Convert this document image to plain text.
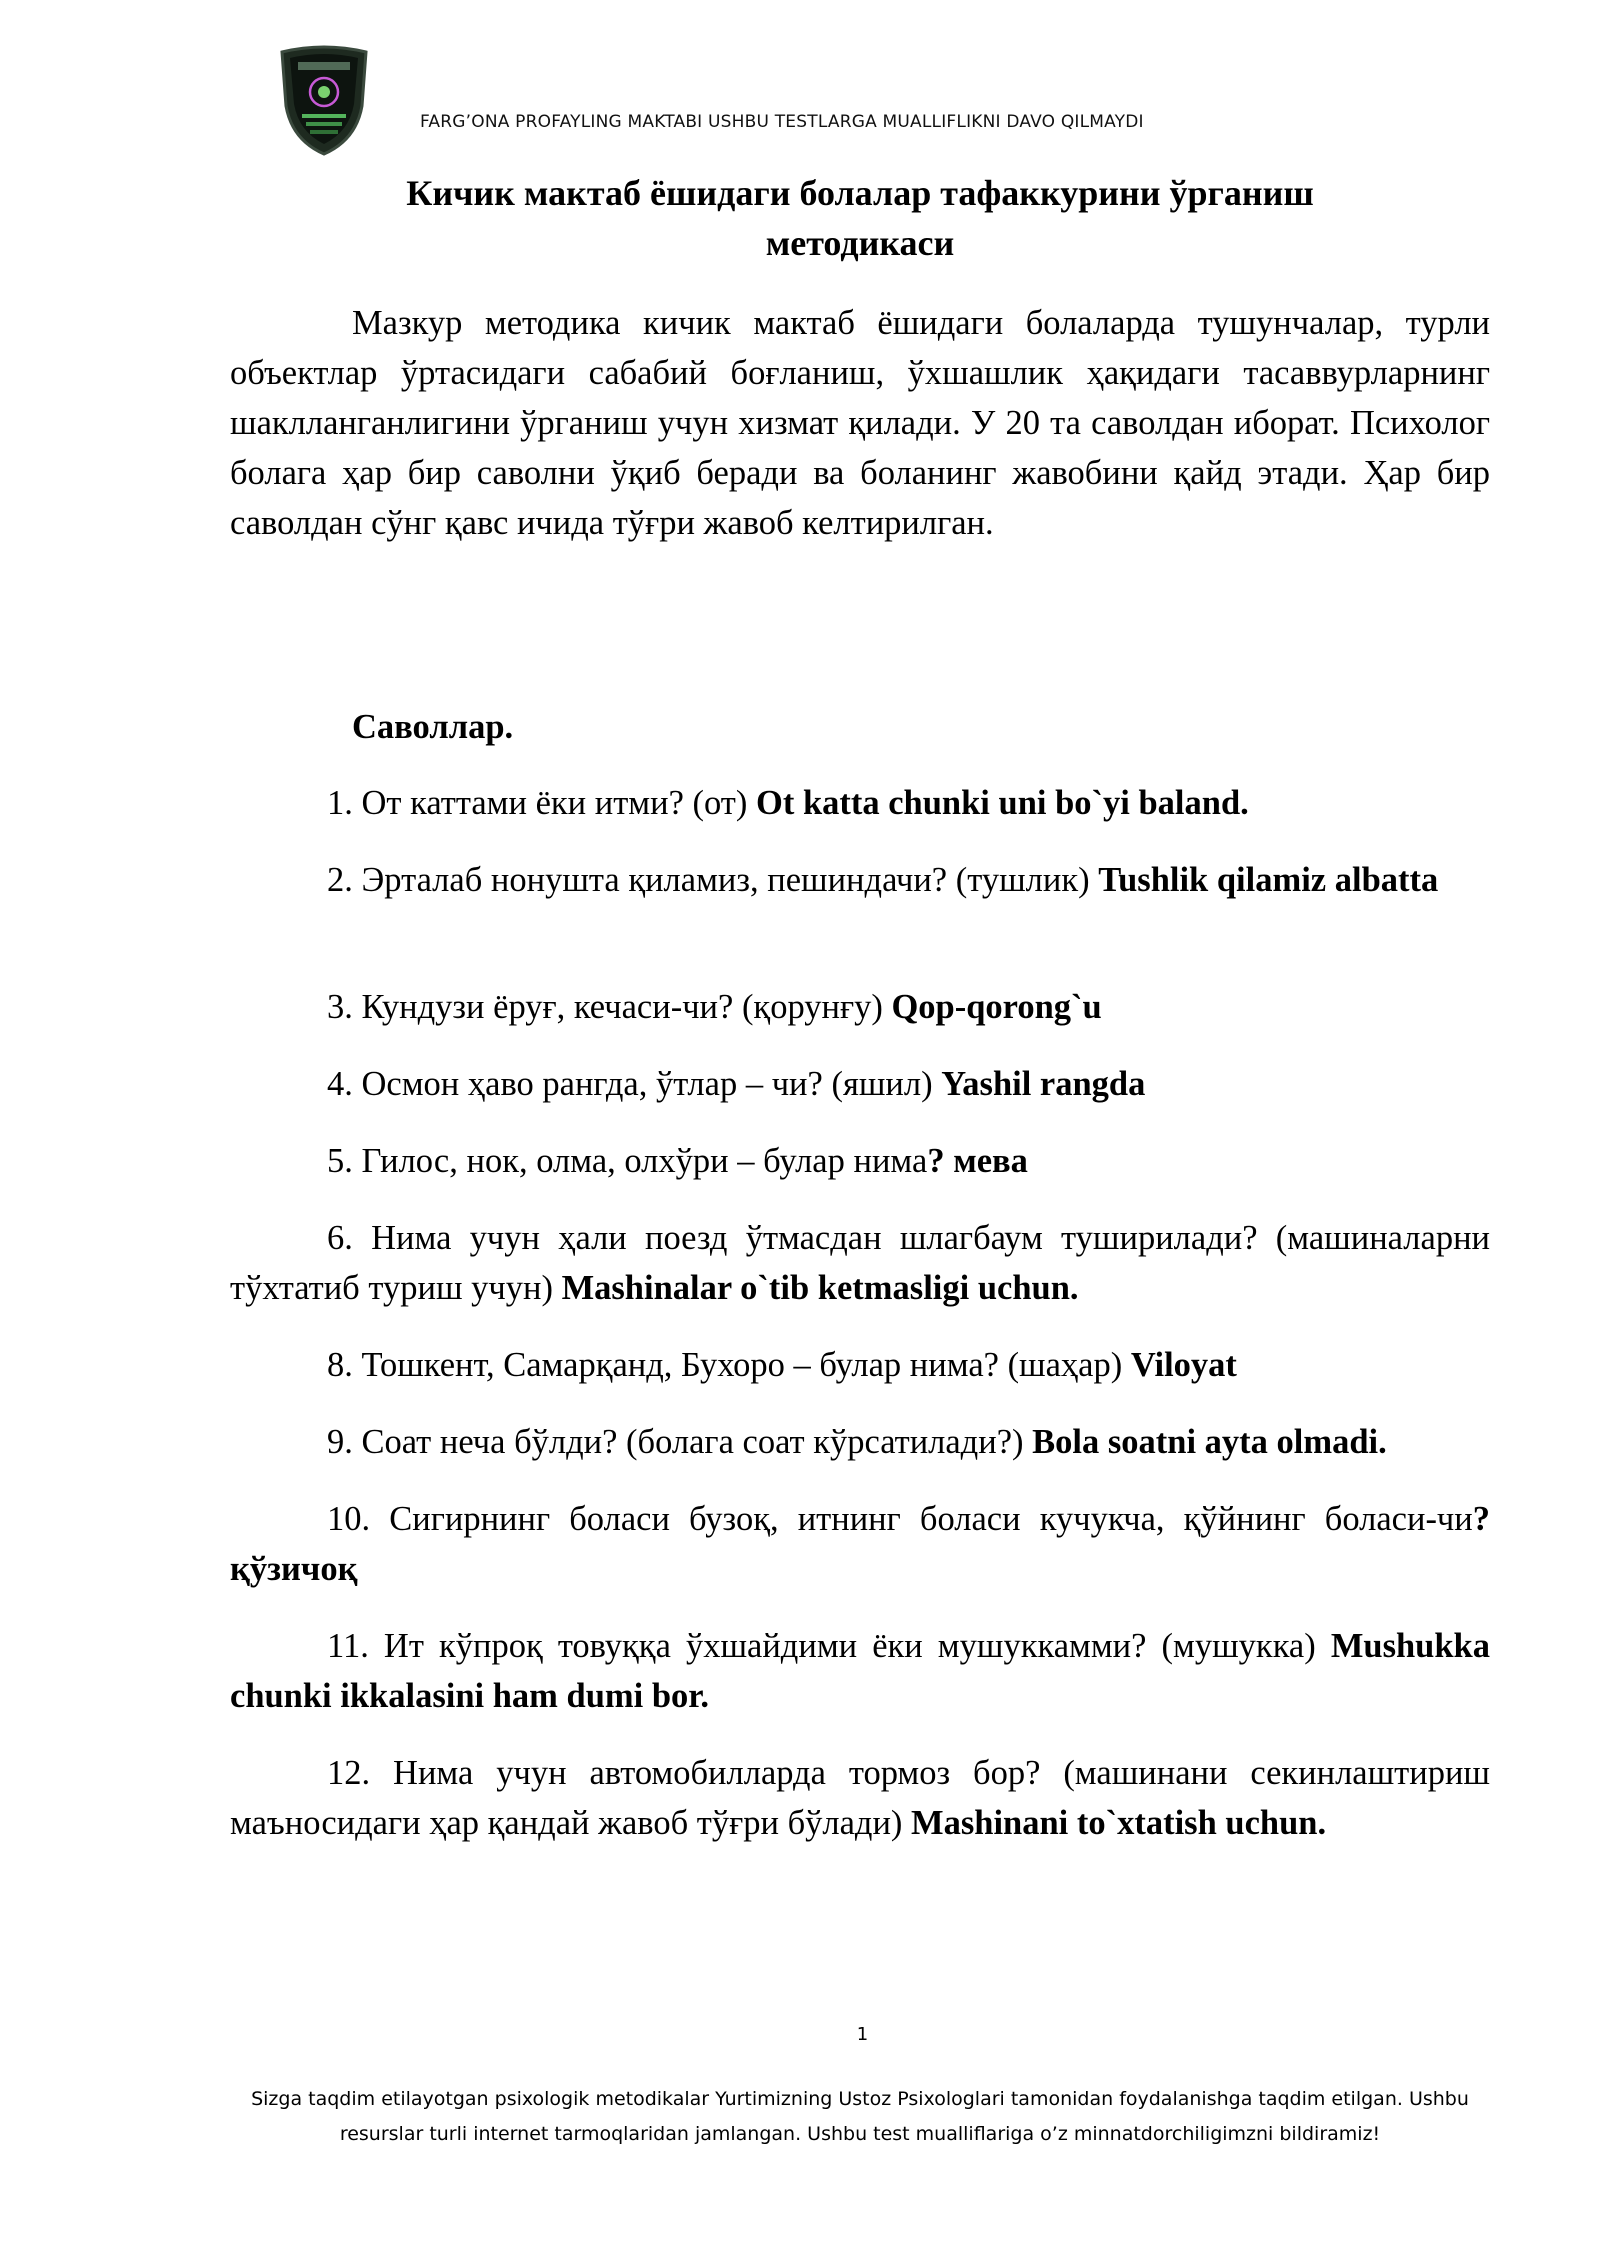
FARG’ONA PROFAYLING MAKTABI USHBU TESTLARGA MUALLIFLIKNI DAVO QILMAYDI
Кичик мактаб ёшидаги болалар тафаккурини ўрганиш
методикаси

Мазкур методика кичик мактаб ёшидаги болаларда тушунчалар, турли объектлар ўртасидаги сабабий боғланиш, ўхшашлик ҳақидаги тасаввурларнинг шаклланганлигини ўрганиш учун хизмат қилади. У 20 та саволдан иборат. Психолог болага ҳар бир саволни ўқиб беради ва боланинг жавобини қайд этади. Ҳар бир саволдан сўнг қавс ичида тўғри жавоб келтирилган.

Саволлар.

1. От каттами ёки итми? (от) Ot katta chunki uni bo`yi baland.

2. Эрталаб нонушта қиламиз, пешиндачи? (тушлик) Tushlik qilamiz albatta

3. Кундузи ёруғ, кечаси-чи? (қорунғу) Qop-qorong`u

4. Осмон ҳаво рангда, ўтлар – чи? (яшил) Yashil rangda

5. Гилос, нок, олма, олхўри – булар нима? мева

6. Нима учун ҳали поезд ўтмасдан шлагбаум туширилади? (машиналарни тўхтатиб туриш учун) Mashinalar o`tib ketmasligi uchun.

8. Тошкент, Самарқанд, Бухоро – булар нима? (шаҳар) Viloyat

9. Соат неча бўлди? (болага соат кўрсатилади?) Bola soatni ayta olmadi.

10. Сигирнинг боласи бузоқ, итнинг боласи кучукча, қўйнинг боласи-чи? қўзичоқ

11. Ит кўпроқ товуққа ўхшайдими ёки мушуккамми? (мушукка) Mushukka chunki ikkalasini ham dumi bor.

12. Нима учун автомобилларда тормоз бор? (машинани секинлаштириш маъносидаги ҳар қандай жавоб тўғри бўлади) Mashinani to`xtatish uchun.

1
Sizga taqdim etilayotgan psixologik metodikalar Yurtimizning Ustoz Psixologlari tamonidan foydalanishga taqdim etilgan. Ushbu
resurslar turli internet tarmoqlaridan jamlangan. Ushbu test mualliflariga o’z minnatdorchiligimzni bildiramiz!
